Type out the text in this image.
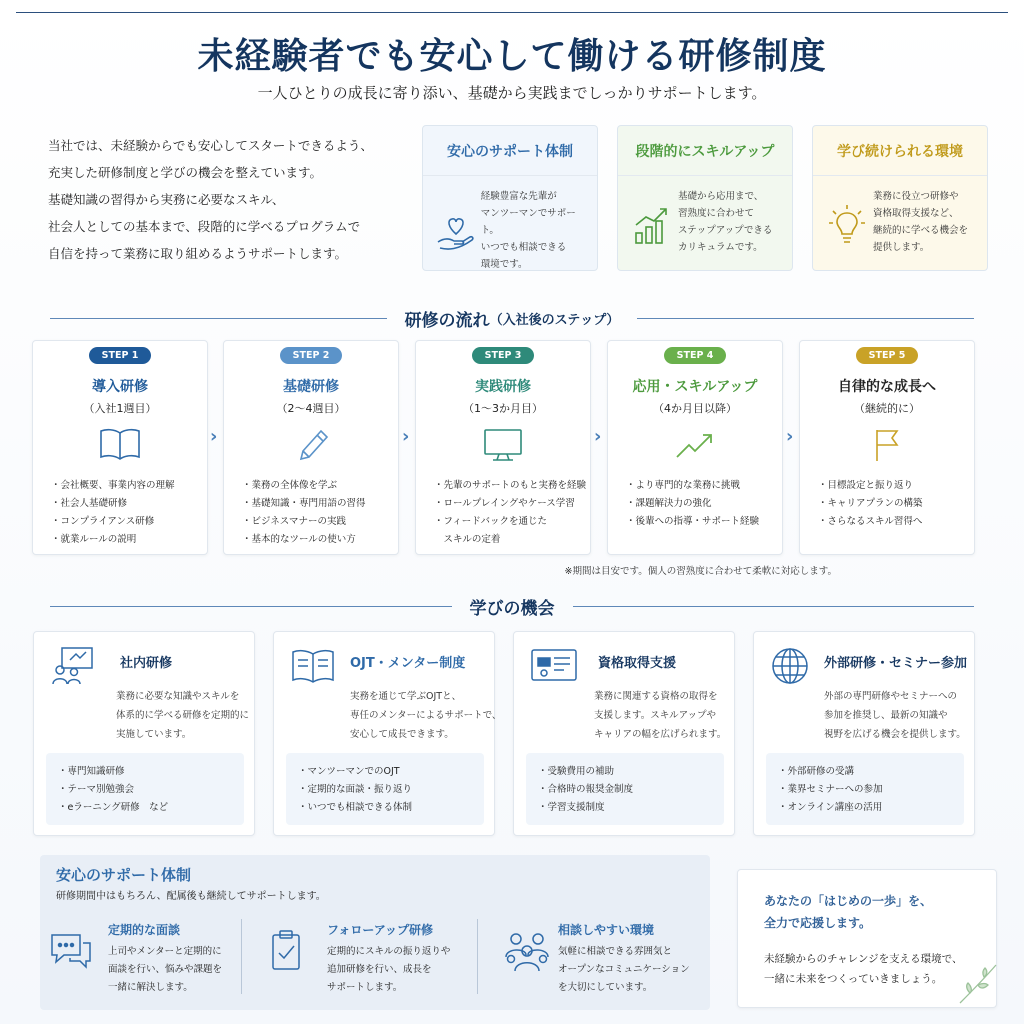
未経験者でも安心して働ける研修制度
一人ひとりの成長に寄り添い、基礎から実践までしっかりサポートします。
当社では、未経験からでも安心してスタートできるよう、
充実した研修制度と学びの機会を整えています。
基礎知識の習得から実務に必要なスキル、
社会人としての基本まで、段階的に学べるプログラムで
自信を持って業務に取り組めるようサポートします。
安心のサポート体制
経験豊富な先輩が
マンツーマンでサポート。
いつでも相談できる
環境です。
段階的にスキルアップ
基礎から応用まで、
習熟度に合わせて
ステップアップできる
カリキュラムです。
学び続けられる環境
業務に役立つ研修や
資格取得支援など、
継続的に学べる機会を
提供します。
研修の流れ （入社後のステップ）
STEP 1
導入研修
（入社1週目）
・会社概要、事業内容の理解
・社会人基礎研修
・コンプライアンス研修
・就業ルールの説明
›
STEP 2
基礎研修
（2〜4週目）
・業務の全体像を学ぶ
・基礎知識・専門用語の習得
・ビジネスマナーの実践
・基本的なツールの使い方
›
STEP 3
実践研修
（1〜3か月目）
・先輩のサポートのもと実務を経験
・ロールプレイングやケース学習
・フィードバックを通じた
　スキルの定着
›
STEP 4
応用・スキルアップ
（4か月目以降）
・より専門的な業務に挑戦
・課題解決力の強化
・後輩への指導・サポート経験
›
STEP 5
自律的な成長へ
（継続的に）
・目標設定と振り返り
・キャリアプランの構築
・さらなるスキル習得へ
※期間は目安です。個人の習熟度に合わせて柔軟に対応します。
学びの機会
社内研修
業務に必要な知識やスキルを
体系的に学べる研修を定期的に
実施しています。
・専門知識研修
・テーマ別勉強会
・eラーニング研修　など
OJT・メンター制度
実務を通じて学ぶOJTと、
専任のメンターによるサポートで、
安心して成長できます。
・マンツーマンでのOJT
・定期的な面談・振り返り
・いつでも相談できる体制
資格取得支援
業務に関連する資格の取得を
支援します。スキルアップや
キャリアの幅を広げられます。
・受験費用の補助
・合格時の報奨金制度
・学習支援制度
外部研修・セミナー参加
外部の専門研修やセミナーへの
参加を推奨し、最新の知識や
視野を広げる機会を提供します。
・外部研修の受講
・業界セミナーへの参加
・オンライン講座の活用
安心のサポート体制
研修期間中はもちろん、配属後も継続してサポートします。
定期的な面談
上司やメンターと定期的に
面談を行い、悩みや課題を
一緒に解決します。
フォローアップ研修
定期的にスキルの振り返りや
追加研修を行い、成長を
サポートします。
相談しやすい環境
気軽に相談できる雰囲気と
オープンなコミュニケーション
を大切にしています。
あなたの「はじめの一歩」を、
全力で応援します。
未経験からのチャレンジを支える環境で、
一緒に未来をつくっていきましょう。
